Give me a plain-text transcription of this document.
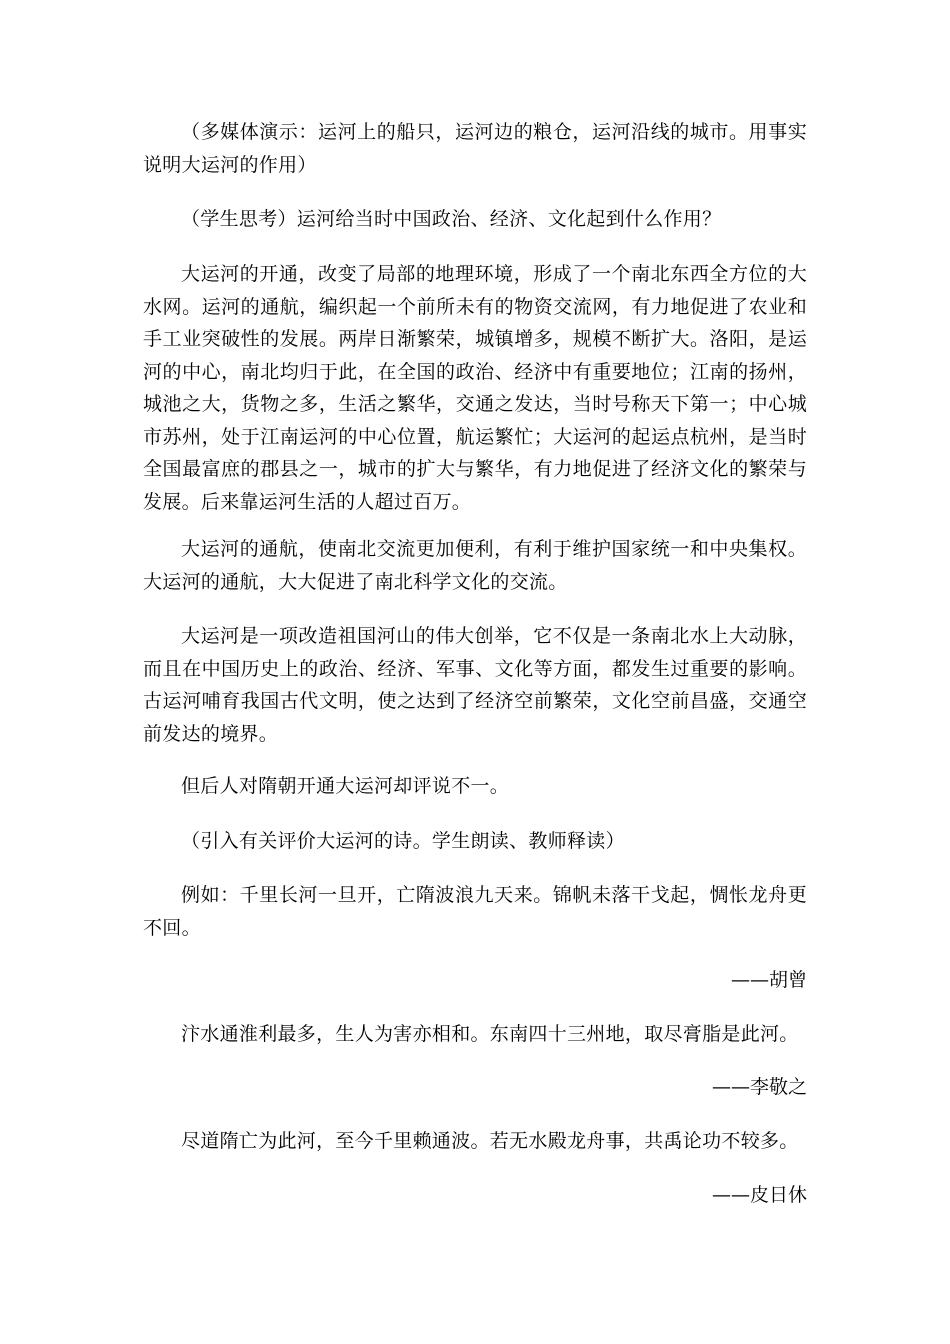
（多媒体演示：运河上的船只，运河边的粮仓，运河沿线的城市。用事实说明大运河的作用）

（学生思考）运河给当时中国政治、经济、文化起到什么作用？

大运河的开通，改变了局部的地理环境，形成了一个南北东西全方位的大水网。运河的通航，编织起一个前所未有的物资交流网，有力地促进了农业和手工业突破性的发展。两岸日渐繁荣，城镇增多，规模不断扩大。洛阳，是运河的中心，南北均归于此，在全国的政治、经济中有重要地位；江南的扬州，城池之大，货物之多，生活之繁华，交通之发达，当时号称天下第一；中心城市苏州，处于江南运河的中心位置，航运繁忙；大运河的起运点杭州，是当时全国最富庶的郡县之一，城市的扩大与繁华，有力地促进了经济文化的繁荣与发展。后来靠运河生活的人超过百万。

大运河的通航，使南北交流更加便利，有利于维护国家统一和中央集权。大运河的通航，大大促进了南北科学文化的交流。

大运河是一项改造祖国河山的伟大创举，它不仅是一条南北水上大动脉，而且在中国历史上的政治、经济、军事、文化等方面，都发生过重要的影响。古运河哺育我国古代文明，使之达到了经济空前繁荣，文化空前昌盛，交通空前发达的境界。

但后人对隋朝开通大运河却评说不一。

（引入有关评价大运河的诗。学生朗读、教师释读）

例如：千里长河一旦开，亡隋波浪九天来。锦帆未落干戈起，惆怅龙舟更不回。

——胡曾

汴水通淮利最多，生人为害亦相和。东南四十三州地，取尽膏脂是此河。

——李敬之

尽道隋亡为此河，至今千里赖通波。若无水殿龙舟事，共禹论功不较多。

——皮日休
